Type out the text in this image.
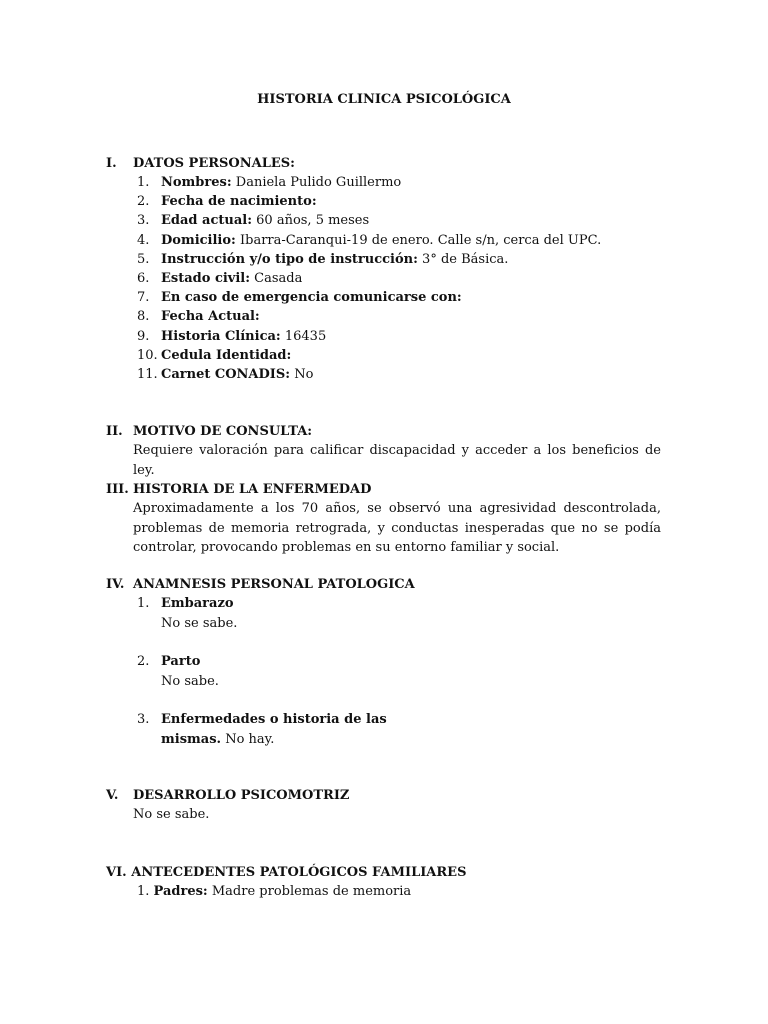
HISTORIA CLINICA PSICOLÓGICA
I. DATOS PERSONALES:
1. Nombres: Daniela Pulido Guillermo
2. Fecha de nacimiento:
3. Edad actual: 60 años, 5 meses
4. Domicilio: Ibarra-Caranqui-19 de enero. Calle s/n, cerca del UPC.
5. Instrucción y/o tipo de instrucción: 3° de Básica.
6. Estado civil: Casada
7. En caso de emergencia comunicarse con:
8. Fecha Actual:
9. Historia Clínica: 16435
10. Cedula Identidad:
11. Carnet CONADIS: No
II. MOTIVO DE CONSULTA:
Requiere valoración para calificar discapacidad y acceder a los beneficios de ley.
III. HISTORIA DE LA ENFERMEDAD
Aproximadamente a los 70 años, se observó una agresividad descontrolada, problemas de memoria retrograda, y conductas inesperadas que no se podía controlar, provocando problemas en su entorno familiar y social.
IV. ANAMNESIS PERSONAL PATOLOGICA
1. Embarazo
No se sabe.
2. Parto
No sabe.
3. Enfermedades o historia de las mismas. No hay.
V. DESARROLLO PSICOMOTRIZ
No se sabe.
VI. ANTECEDENTES PATOLÓGICOS FAMILIARES
1. Padres: Madre problemas de memoria
